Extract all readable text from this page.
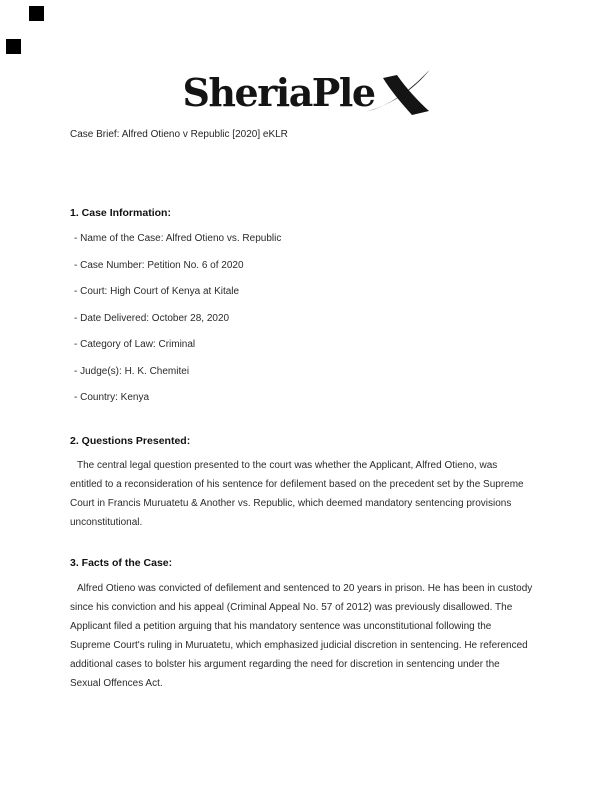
SheriaPle
Case Brief: Alfred Otieno v Republic [2020] eKLR
1. Case Information:
- Name of the Case: Alfred Otieno vs. Republic
- Case Number: Petition No. 6 of 2020
- Court: High Court of Kenya at Kitale
- Date Delivered: October 28, 2020
- Category of Law: Criminal
- Judge(s): H. K. Chemitei
- Country: Kenya
2. Questions Presented:
The central legal question presented to the court was whether the Applicant, Alfred Otieno, was
entitled to a reconsideration of his sentence for defilement based on the precedent set by the Supreme
Court in Francis Muruatetu & Another vs. Republic, which deemed mandatory sentencing provisions
unconstitutional.
3. Facts of the Case:
Alfred Otieno was convicted of defilement and sentenced to 20 years in prison. He has been in custody
since his conviction and his appeal (Criminal Appeal No. 57 of 2012) was previously disallowed. The
Applicant filed a petition arguing that his mandatory sentence was unconstitutional following the
Supreme Court's ruling in Muruatetu, which emphasized judicial discretion in sentencing. He referenced
additional cases to bolster his argument regarding the need for discretion in sentencing under the
Sexual Offences Act.
